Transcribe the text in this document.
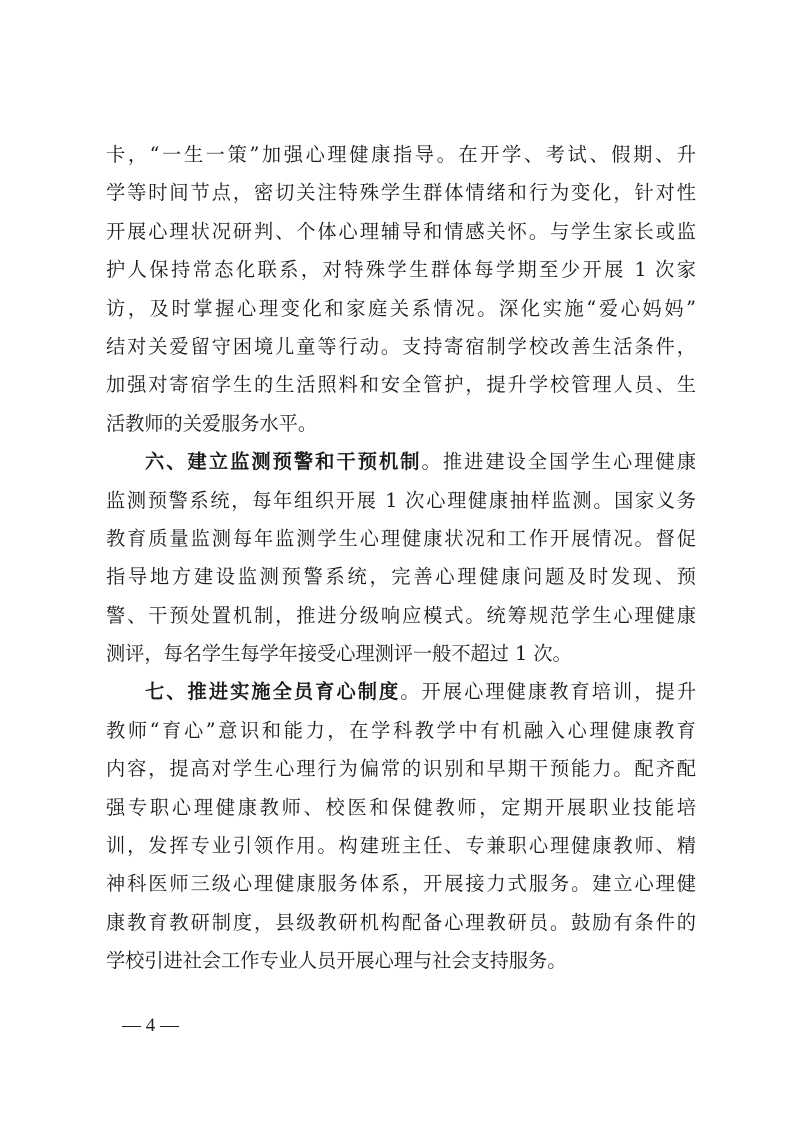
卡，“一生一策”加强心理健康指导。在开学、考试、假期、升
学等时间节点，密切关注特殊学生群体情绪和行为变化，针对性
开展心理状况研判、个体心理辅导和情感关怀。与学生家长或监
护人保持常态化联系，对特殊学生群体每学期至少开展 1 次家
访，及时掌握心理变化和家庭关系情况。深化实施“爱心妈妈”
结对关爱留守困境儿童等行动。支持寄宿制学校改善生活条件，
加强对寄宿学生的生活照料和安全管护，提升学校管理人员、生
活教师的关爱服务水平。
六、建立监测预警和干预机制。推进建设全国学生心理健康
监测预警系统，每年组织开展 1 次心理健康抽样监测。国家义务
教育质量监测每年监测学生心理健康状况和工作开展情况。督促
指导地方建设监测预警系统，完善心理健康问题及时发现、预
警、干预处置机制，推进分级响应模式。统筹规范学生心理健康
测评，每名学生每学年接受心理测评一般不超过 1 次。
七、推进实施全员育心制度。开展心理健康教育培训，提升
教师“育心”意识和能力，在学科教学中有机融入心理健康教育
内容，提高对学生心理行为偏常的识别和早期干预能力。配齐配
强专职心理健康教师、校医和保健教师，定期开展职业技能培
训，发挥专业引领作用。构建班主任、专兼职心理健康教师、精
神科医师三级心理健康服务体系，开展接力式服务。建立心理健
康教育教研制度，县级教研机构配备心理教研员。鼓励有条件的
学校引进社会工作专业人员开展心理与社会支持服务。
— 4 —
